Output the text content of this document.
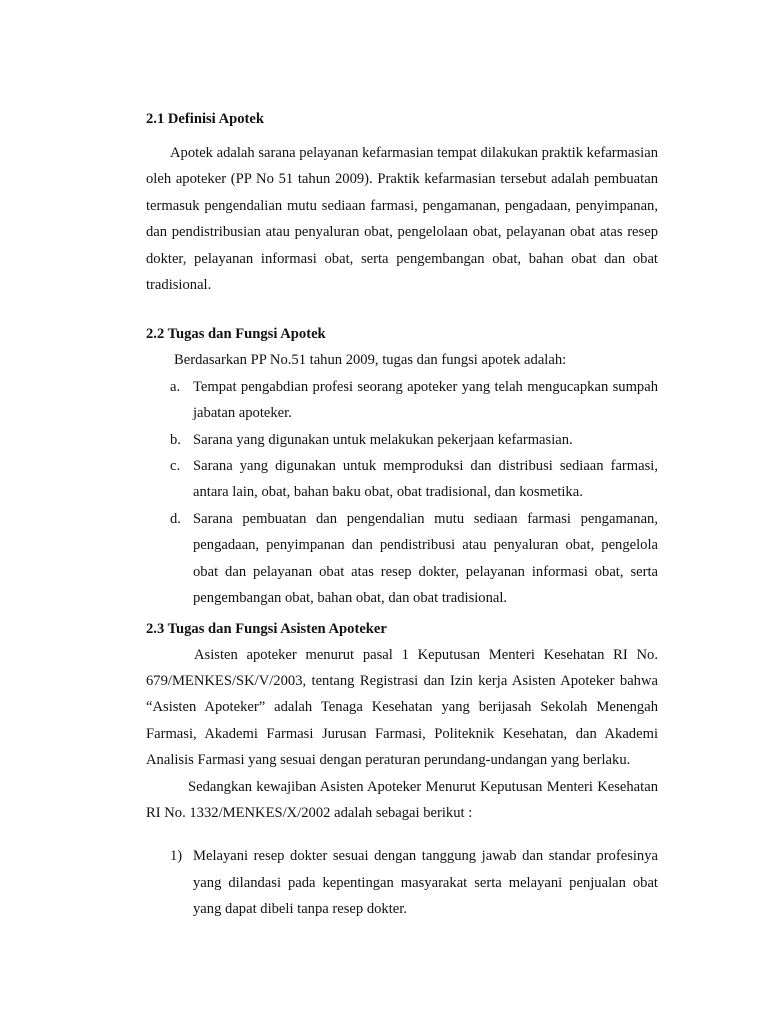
2.1 Definisi Apotek

Apotek adalah sarana pelayanan kefarmasian tempat dilakukan praktik kefarmasian oleh apoteker (PP No 51 tahun 2009). Praktik kefarmasian tersebut adalah pembuatan termasuk pengendalian mutu sediaan farmasi, pengamanan, pengadaan, penyimpanan, dan pendistribusian atau penyaluran obat, pengelolaan obat, pelayanan obat atas resep dokter, pelayanan informasi obat, serta pengembangan obat, bahan obat dan obat tradisional.

2.2 Tugas dan Fungsi Apotek

Berdasarkan PP No.51 tahun 2009, tugas dan fungsi apotek adalah:

a. Tempat pengabdian profesi seorang apoteker yang telah mengucapkan sumpah jabatan apoteker.
b. Sarana yang digunakan untuk melakukan pekerjaan kefarmasian.
c. Sarana yang digunakan untuk memproduksi dan distribusi sediaan farmasi, antara lain, obat, bahan baku obat, obat tradisional, dan kosmetika.
d. Sarana pembuatan dan pengendalian mutu sediaan farmasi pengamanan, pengadaan, penyimpanan dan pendistribusi atau penyaluran obat, pengelola obat dan pelayanan obat atas resep dokter, pelayanan informasi obat, serta pengembangan obat, bahan obat, dan obat tradisional.
2.3 Tugas dan Fungsi Asisten Apoteker

Asisten apoteker menurut pasal 1 Keputusan Menteri Kesehatan RI No. 679/MENKES/SK/V/2003, tentang Registrasi dan Izin kerja Asisten Apoteker bahwa “Asisten Apoteker” adalah Tenaga Kesehatan yang berijasah Sekolah Menengah Farmasi, Akademi Farmasi Jurusan Farmasi, Politeknik Kesehatan, dan Akademi Analisis Farmasi yang sesuai dengan peraturan perundang-undangan yang berlaku.

Sedangkan kewajiban Asisten Apoteker Menurut Keputusan Menteri Kesehatan RI No. 1332/MENKES/X/2002 adalah sebagai berikut :

1) Melayani resep dokter sesuai dengan tanggung jawab dan standar profesinya yang dilandasi pada kepentingan masyarakat serta melayani penjualan obat yang dapat dibeli tanpa resep dokter.
